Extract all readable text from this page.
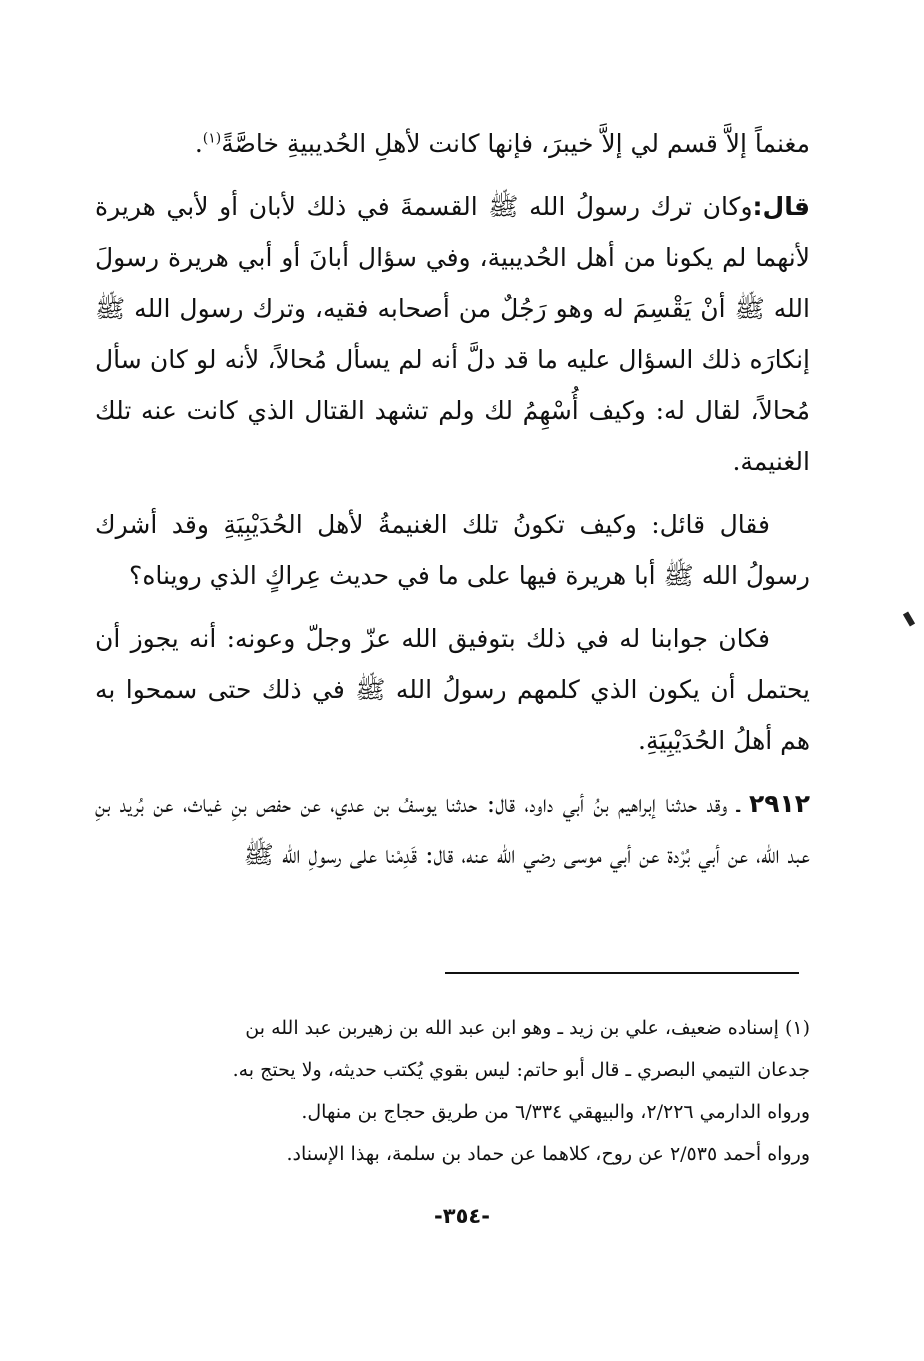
مغنماً إلاَّ قسم لي إلاَّ خيبرَ، فإنها كانت لأهلِ الحُديبيةِ خاصَّةً$^{(١)}$.

قال:وكان ترك رسولُ الله ﷺ القسمةَ في ذلك لأبان أو لأبي هريرة لأنهما لم يكونا من أهل الحُديبية، وفي سؤال أبانَ أو أبي هريرة رسولَ الله ﷺ أنْ يَقْسِمَ له وهو رَجُلٌ من أصحابه فقيه، وترك رسول الله ﷺ إنكارَه ذلك السؤال عليه ما قد دلَّ أنه لم يسأل مُحالاً، لأنه لو كان سأل مُحالاً، لقال له: وكيف أُسْهِمُ لك ولم تشهد القتال الذي كانت عنه تلك الغنيمة.

فقال قائل: وكيف تكونُ تلك الغنيمةُ لأهل الحُدَيْبِيَةِ وقد أشرك رسولُ الله ﷺ أبا هريرة فيها على ما في حديث عِراكٍ الذي رويناه؟

فكان جوابنا له في ذلك بتوفيق الله عزّ وجلّ وعونه: أنه يجوز أن يحتمل أن يكون الذي كلمهم رسولُ الله ﷺ في ذلك حتى سمحوا به هم أهلُ الحُدَيْبِيَةِ.

٢٩١٢ ـ وقد حدثنا إبراهيم بنُ أبي داود، قال: حدثنا يوسفُ بن عدي، عن حفص بنِ غياث، عن بُريد بنِ عبد الله، عن أبي بُرْدة عن أبي موسى رضي الله عنه، قال: قَدِمْنا على رسولِ الله ﷺ

(١) إسناده ضعيف، علي بن زيد ـ وهو ابن عبد الله بن زهيربن عبد الله بن

جدعان التيمي البصري ـ قال أبو حاتم: ليس بقوي يُكتب حديثه، ولا يحتج به.

ورواه الدارمي ٢/٢٢٦، والبيهقي ٦/٣٣٤ من طريق حجاج بن منهال.

ورواه أحمد ٢/٥٣٥ عن روح، كلاهما عن حماد بن سلمة، بهذا الإسناد.

-٣٥٤-
